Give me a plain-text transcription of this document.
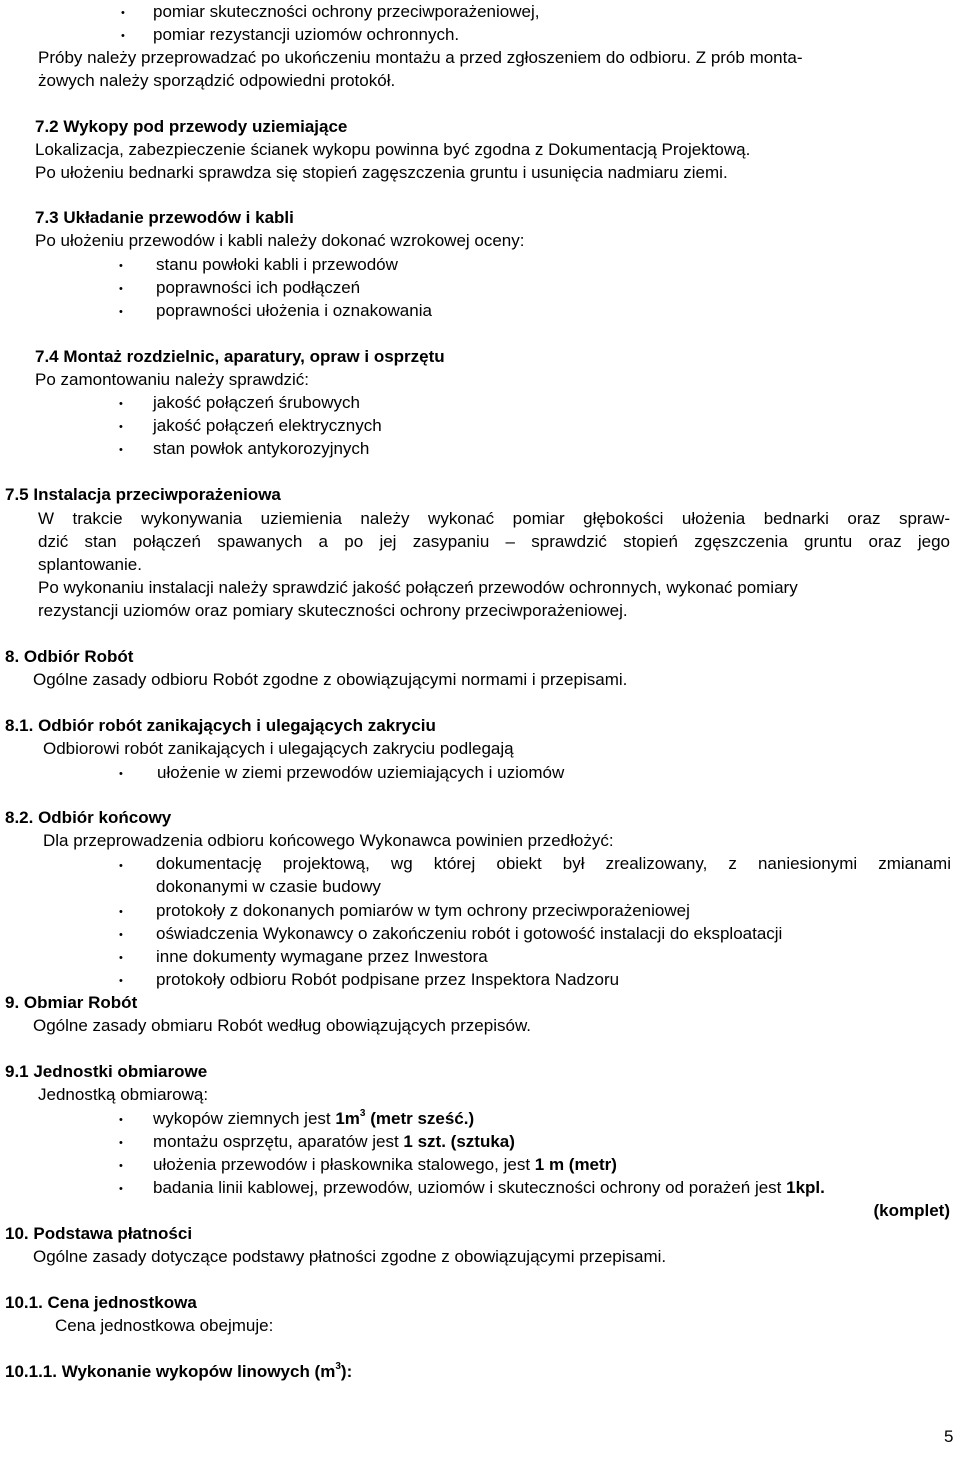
• pomiar skuteczności ochrony przeciwporażeniowej,
• pomiar rezystancji uziomów ochronnych.
Próby należy przeprowadzać po ukończeniu montażu a przed zgłoszeniem do odbioru. Z prób monta-
żowych należy sporządzić odpowiedni protokół.
7.2 Wykopy pod przewody uziemiające
Lokalizacja, zabezpieczenie ścianek wykopu powinna być zgodna z Dokumentacją Projektową.
Po ułożeniu bednarki sprawdza się stopień zagęszczenia gruntu i usunięcia nadmiaru ziemi.
7.3 Układanie przewodów i kabli
Po ułożeniu przewodów i kabli należy dokonać wzrokowej oceny:
• stanu powłoki kabli i przewodów
• poprawności ich podłączeń
• poprawności ułożenia i oznakowania
7.4 Montaż rozdzielnic, aparatury, opraw i osprzętu
Po zamontowaniu należy sprawdzić:
• jakość połączeń śrubowych
• jakość połączeń elektrycznych
• stan powłok antykorozyjnych
7.5 Instalacja przeciwporażeniowa
W trakcie wykonywania uziemienia należy wykonać pomiar głębokości ułożenia bednarki oraz spraw-
dzić stan połączeń spawanych a po jej zasypaniu – sprawdzić stopień zgęszczenia gruntu oraz jego
splantowanie.
Po wykonaniu instalacji należy sprawdzić jakość połączeń przewodów ochronnych, wykonać pomiary
rezystancji uziomów oraz pomiary skuteczności ochrony przeciwporażeniowej.
8. Odbiór Robót
Ogólne zasady odbioru Robót zgodne z obowiązującymi normami i przepisami.
8.1. Odbiór robót zanikających i ulegających zakryciu
Odbiorowi robót zanikających i ulegających zakryciu podlegają
• ułożenie w ziemi przewodów uziemiających i uziomów
8.2. Odbiór końcowy
Dla przeprowadzenia odbioru końcowego Wykonawca powinien przedłożyć:
• dokumentację projektową, wg której obiekt był zrealizowany, z naniesionymi zmianami
dokonanymi w czasie budowy
• protokoły z dokonanych pomiarów w tym ochrony przeciwporażeniowej
• oświadczenia Wykonawcy o zakończeniu robót i gotowość instalacji do eksploatacji
• inne dokumenty wymagane przez Inwestora
• protokoły odbioru Robót podpisane przez Inspektora Nadzoru
9. Obmiar Robót
Ogólne zasady obmiaru Robót według obowiązujących przepisów.
9.1 Jednostki obmiarowe
Jednostką obmiarową:
• wykopów ziemnych jest $1m^3$ (metr sześć.)
• montażu osprzętu, aparatów jest 1 szt. (sztuka)
• ułożenia przewodów i płaskownika stalowego, jest 1 m (metr)
• badania linii kablowej, przewodów, uziomów i skuteczności ochrony od porażeń jest 1kpl.
(komplet)
10. Podstawa płatności
Ogólne zasady dotyczące podstawy płatności zgodne z obowiązującymi przepisami.
10.1. Cena jednostkowa
Cena jednostkowa obejmuje:
10.1.1. Wykonanie wykopów linowych $(m^3)$:
5
